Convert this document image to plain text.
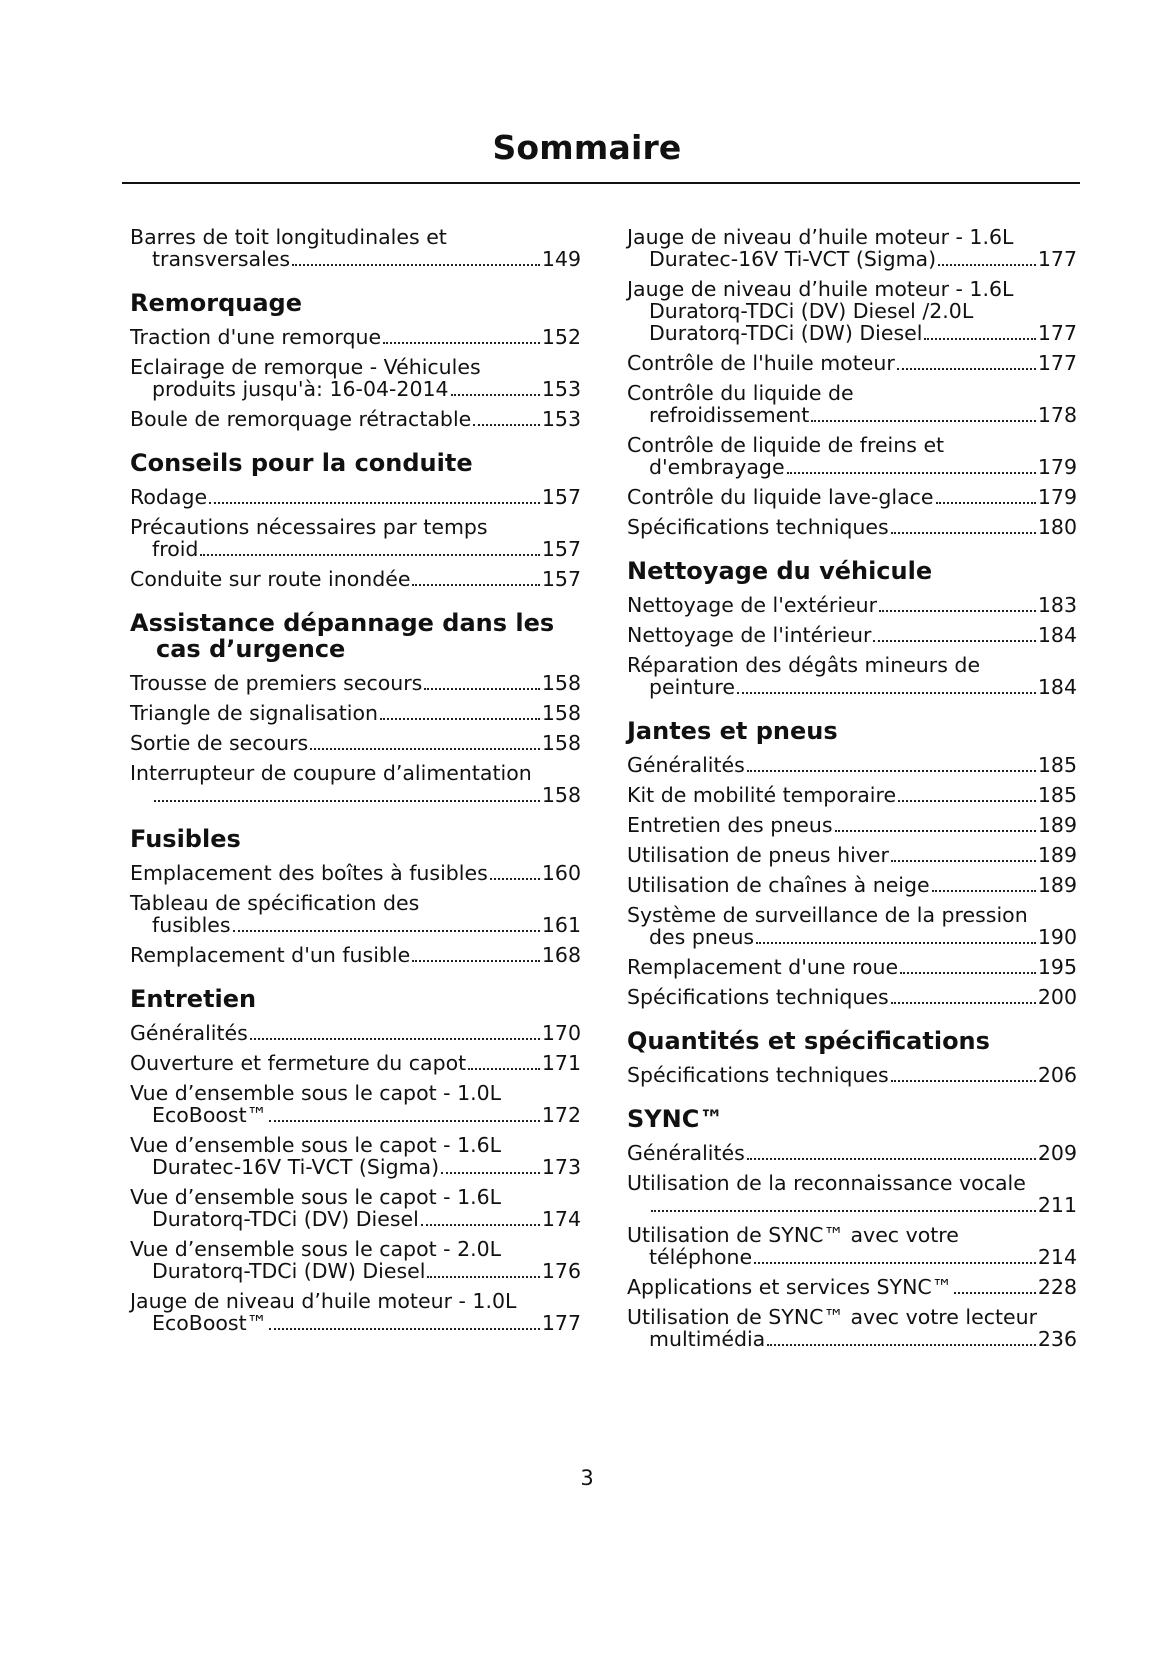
Sommaire
Barres de toit longitudinales et
transversales	149
Remorquage
Traction d'une remorque	152
Eclairage de remorque - Véhicules
produits jusqu'à: 16-04-2014	153
Boule de remorquage rétractable	153
Conseils pour la conduite
Rodage	157
Précautions nécessaires par temps
froid	157
Conduite sur route inondée	157
Assistance dépannage dans les cas d’urgence
Trousse de premiers secours	158
Triangle de signalisation	158
Sortie de secours	158
Interrupteur de coupure d’alimentation
158
Fusibles
Emplacement des boîtes à fusibles	160
Tableau de spécification des
fusibles	161
Remplacement d'un fusible	168
Entretien
Généralités	170
Ouverture et fermeture du capot	171
Vue d’ensemble sous le capot - 1.0L
EcoBoost™	172
Vue d’ensemble sous le capot - 1.6L
Duratec-16V Ti-VCT (Sigma)	173
Vue d’ensemble sous le capot - 1.6L
Duratorq-TDCi (DV) Diesel	174
Vue d’ensemble sous le capot - 2.0L
Duratorq-TDCi (DW) Diesel	176
Jauge de niveau d’huile moteur - 1.0L
EcoBoost™	177
Jauge de niveau d’huile moteur - 1.6L
Duratec-16V Ti-VCT (Sigma)	177
Jauge de niveau d’huile moteur - 1.6L
Duratorq-TDCi (DV) Diesel /2.0L
Duratorq-TDCi (DW) Diesel	177
Contrôle de l'huile moteur	177
Contrôle du liquide de
refroidissement	178
Contrôle de liquide de freins et
d'embrayage	179
Contrôle du liquide lave-glace	179
Spécifications techniques	180
Nettoyage du véhicule
Nettoyage de l'extérieur	183
Nettoyage de l'intérieur	184
Réparation des dégâts mineurs de
peinture	184
Jantes et pneus
Généralités	185
Kit de mobilité temporaire	185
Entretien des pneus	189
Utilisation de pneus hiver	189
Utilisation de chaînes à neige	189
Système de surveillance de la pression
des pneus	190
Remplacement d'une roue	195
Spécifications techniques	200
Quantités et spécifications
Spécifications techniques	206
SYNC™
Généralités	209
Utilisation de la reconnaissance vocale
211
Utilisation de SYNC™ avec votre
téléphone	214
Applications et services SYNC™	228
Utilisation de SYNC™ avec votre lecteur
multimédia	236
3
